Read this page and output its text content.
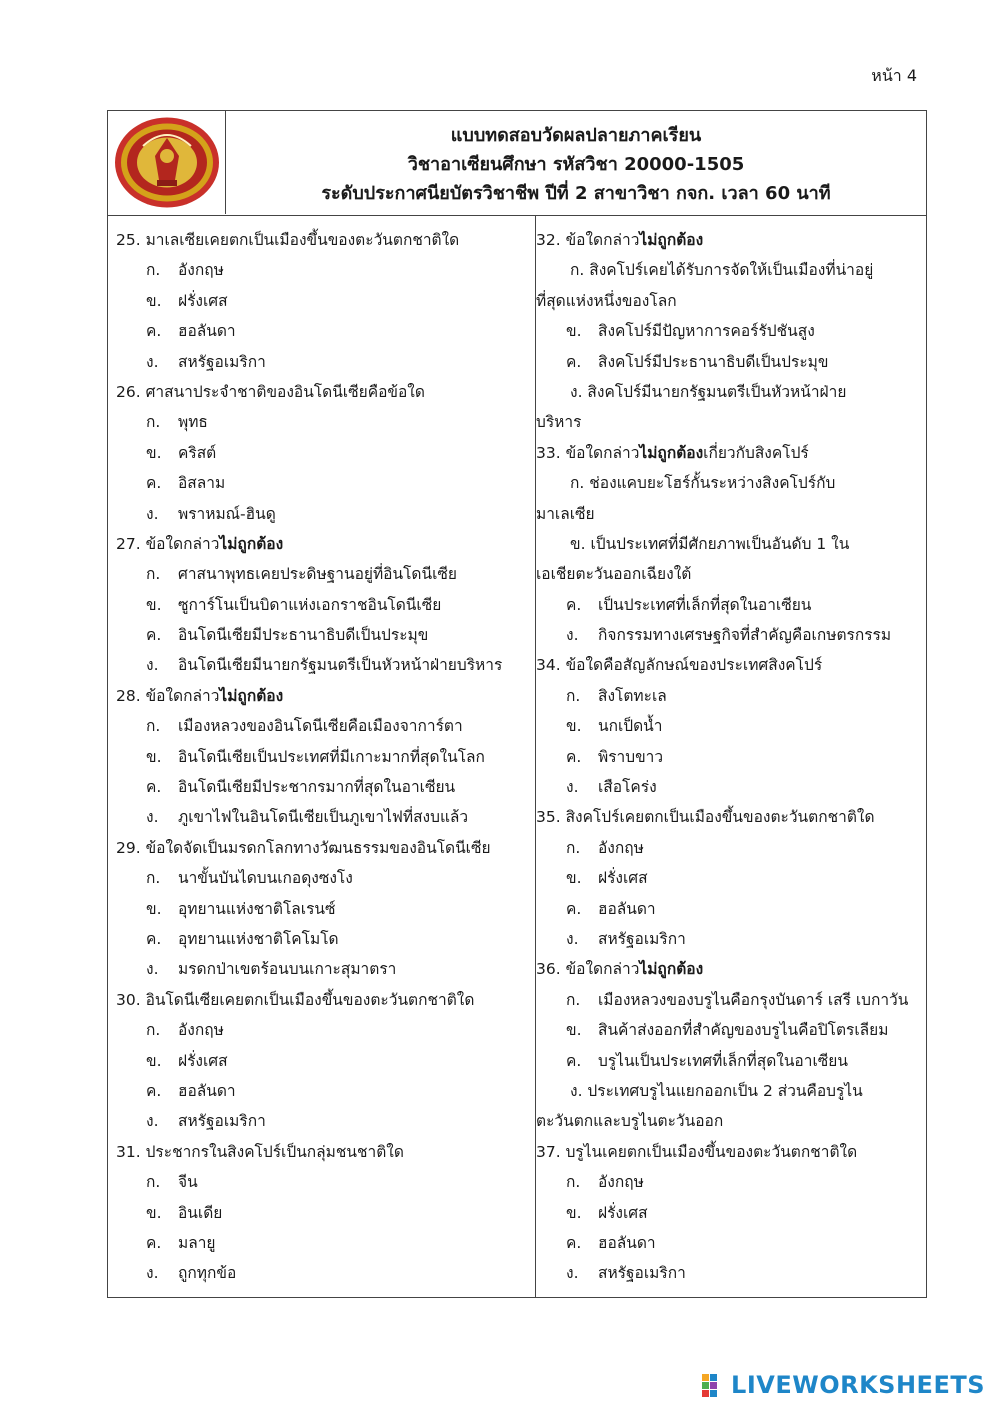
หน้า 4
แบบทดสอบวัดผลปลายภาคเรียน
วิชาอาเซียนศึกษา รหัสวิชา 20000-1505
ระดับประกาศนียบัตรวิชาชีพ ปีที่ 2 สาขาวิชา กจก. เวลา 60 นาที
25. มาเลเซียเคยตกเป็นเมืองขึ้นของตะวันตกชาติใด
ก. อังกฤษ
ข. ฝรั่งเศส
ค. ฮอลันดา
ง. สหรัฐอเมริกา
26. ศาสนาประจำชาติของอินโดนีเซียคือข้อใด
ก. พุทธ
ข. คริสต์
ค. อิสลาม
ง. พราหมณ์-ฮินดู
27. ข้อใดกล่าวไม่ถูกต้อง
ก. ศาสนาพุทธเคยประดิษฐานอยู่ที่อินโดนีเซีย
ข. ซูการ์โนเป็นบิดาแห่งเอกราชอินโดนีเซีย
ค. อินโดนีเซียมีประธานาธิบดีเป็นประมุข
ง. อินโดนีเซียมีนายกรัฐมนตรีเป็นหัวหน้าฝ่ายบริหาร
28. ข้อใดกล่าวไม่ถูกต้อง
ก. เมืองหลวงของอินโดนีเซียคือเมืองจาการ์ตา
ข. อินโดนีเซียเป็นประเทศที่มีเกาะมากที่สุดในโลก
ค. อินโดนีเซียมีประชากรมากที่สุดในอาเซียน
ง. ภูเขาไฟในอินโดนีเซียเป็นภูเขาไฟที่สงบแล้ว
29. ข้อใดจัดเป็นมรดกโลกทางวัฒนธรรมของอินโดนีเซีย
ก. นาขั้นบันไดบนเกอดุงซงโง
ข. อุทยานแห่งชาติโลเรนซ์
ค. อุทยานแห่งชาติโคโมโด
ง. มรดกป่าเขตร้อนบนเกาะสุมาตรา
30. อินโดนีเซียเคยตกเป็นเมืองขึ้นของตะวันตกชาติใด
ก. อังกฤษ
ข. ฝรั่งเศส
ค. ฮอลันดา
ง. สหรัฐอเมริกา
31. ประชากรในสิงคโปร์เป็นกลุ่มชนชาติใด
ก. จีน
ข. อินเดีย
ค. มลายู
ง. ถูกทุกข้อ
32. ข้อใดกล่าวไม่ถูกต้อง
ก. สิงคโปร์เคยได้รับการจัดให้เป็นเมืองที่น่าอยู่
ที่สุดแห่งหนึ่งของโลก
ข. สิงคโปร์มีปัญหาการคอร์รัปชันสูง
ค. สิงคโปร์มีประธานาธิบดีเป็นประมุข
ง. สิงคโปร์มีนายกรัฐมนตรีเป็นหัวหน้าฝ่าย
บริหาร
33. ข้อใดกล่าวไม่ถูกต้องเกี่ยวกับสิงคโปร์
ก. ช่องแคบยะโฮร์กั้นระหว่างสิงคโปร์กับ
มาเลเซีย
ข. เป็นประเทศที่มีศักยภาพเป็นอันดับ 1 ใน
เอเชียตะวันออกเฉียงใต้
ค. เป็นประเทศที่เล็กที่สุดในอาเซียน
ง. กิจกรรมทางเศรษฐกิจที่สำคัญคือเกษตรกรรม
34. ข้อใดคือสัญลักษณ์ของประเทศสิงคโปร์
ก. สิงโตทะเล
ข. นกเป็ดน้ำ
ค. พิราบขาว
ง. เสือโคร่ง
35. สิงคโปร์เคยตกเป็นเมืองขึ้นของตะวันตกชาติใด
ก. อังกฤษ
ข. ฝรั่งเศส
ค. ฮอลันดา
ง. สหรัฐอเมริกา
36. ข้อใดกล่าวไม่ถูกต้อง
ก. เมืองหลวงของบรูไนคือกรุงบันดาร์ เสรี เบกาวัน
ข. สินค้าส่งออกที่สำคัญของบรูไนคือปิโตรเลียม
ค. บรูไนเป็นประเทศที่เล็กที่สุดในอาเซียน
ง. ประเทศบรูไนแยกออกเป็น 2 ส่วนคือบรูไน
ตะวันตกและบรูไนตะวันออก
37. บรูไนเคยตกเป็นเมืองขึ้นของตะวันตกชาติใด
ก. อังกฤษ
ข. ฝรั่งเศส
ค. ฮอลันดา
ง. สหรัฐอเมริกา
LIVEWORKSHEETS
